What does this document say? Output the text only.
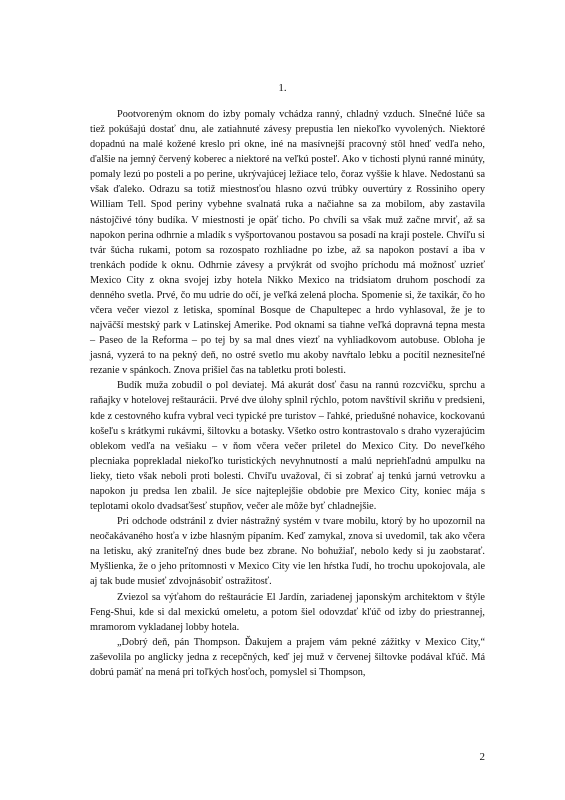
1.

Pootvoreným oknom do izby pomaly vchádza ranný, chladný vzduch. Slnečné lúče sa tiež pokúšajú dostať dnu, ale zatiahnuté závesy prepustia len niekoľko vyvolených. Niektoré dopadnú na malé kožené kreslo pri okne, iné na masívnejší pracovný stôl hneď vedľa neho, ďalšie na jemný červený koberec a niektoré na veľkú posteľ. Ako v tichosti plynú ranné minúty, pomaly lezú po posteli a po perine, ukrývajúcej ležiace telo, čoraz vyššie k hlave. Nedostanú sa však ďaleko. Odrazu sa totiž miestnosťou hlasno ozvú trúbky ouvertúry z Rossiniho opery William Tell. Spod periny vybehne svalnatá ruka a načiahne sa za mobilom, aby zastavila nástojčivé tóny budíka. V miestnosti je opäť ticho. Po chvíli sa však muž začne mrviť, až sa napokon perina odhrnie a mladík s vyšportovanou postavou sa posadí na kraji postele. Chvíľu si tvár šúcha rukami, potom sa rozospato rozhliadne po izbe, až sa napokon postaví a iba v trenkách podíde k oknu. Odhrnie závesy a prvýkrát od svojho príchodu má možnosť uzrieť Mexico City z okna svojej izby hotela Nikko Mexico na tridsiatom druhom poschodí za denného svetla. Prvé, čo mu udrie do očí, je veľká zelená plocha. Spomenie si, že taxikár, čo ho včera večer viezol z letiska, spomínal Bosque de Chapultepec a hrdo vyhlasoval, že je to najväčší mestský park v Latinskej Amerike. Pod oknami sa tiahne veľká dopravná tepna mesta – Paseo de la Reforma – po tej by sa mal dnes viezť na vyhliadkovom autobuse. Obloha je jasná, vyzerá to na pekný deň, no ostré svetlo mu akoby navŕtalo lebku a pocítil neznesiteľné rezanie v spánkoch. Znova prišiel čas na tabletku proti bolesti.

Budík muža zobudil o pol deviatej. Má akurát dosť času na rannú rozcvičku, sprchu a raňajky v hotelovej reštaurácii. Prvé dve úlohy splnil rýchlo, potom navštívil skriňu v predsieni, kde z cestovného kufra vybral veci typické pre turistov – ľahké, priedušné nohavice, kockovanú košeľu s krátkymi rukávmi, šiltovku a botasky. Všetko ostro kontrastovalo s draho vyzerajúcim oblekom vedľa na vešiaku – v ňom včera večer priletel do Mexico City. Do neveľkého plecniaka poprekladal niekoľko turistických nevyhnutností a malú nepriehľadnú ampulku na lieky, tieto však neboli proti bolesti. Chvíľu uvažoval, či si zobrať aj tenkú jarnú vetrovku a napokon ju predsa len zbalil. Je síce najteplejšie obdobie pre Mexico City, koniec mája s teplotami okolo dvadsaťšesť stupňov, večer ale môže byť chladnejšie.

Pri odchode odstránil z dvier nástražný systém v tvare mobilu, ktorý by ho upozornil na neočakávaného hosťa v izbe hlasným pípaním. Keď zamykal, znova si uvedomil, tak ako včera na letisku, aký zraniteľný dnes bude bez zbrane. No bohužiaľ, nebolo kedy si ju zaobstarať. Myšlienka, že o jeho prítomnosti v Mexico City vie len hŕstka ľudí, ho trochu upokojovala, ale aj tak bude musieť zdvojnásobiť ostražitosť.

Zviezol sa výťahom do reštaurácie El Jardín, zariadenej japonským architektom v štýle Feng-Shui, kde si dal mexickú omeletu, a potom šiel odovzdať kľúč od izby do priestrannej, mramorom vykladanej lobby hotela.

„Dobrý deň, pán Thompson. Ďakujem a prajem vám pekné zážitky v Mexico City,“ zaševolila po anglicky jedna z recepčných, keď jej muž v červenej šiltovke podával kľúč. Má dobrú pamäť na mená pri toľkých hosťoch, pomyslel si Thompson,

2
